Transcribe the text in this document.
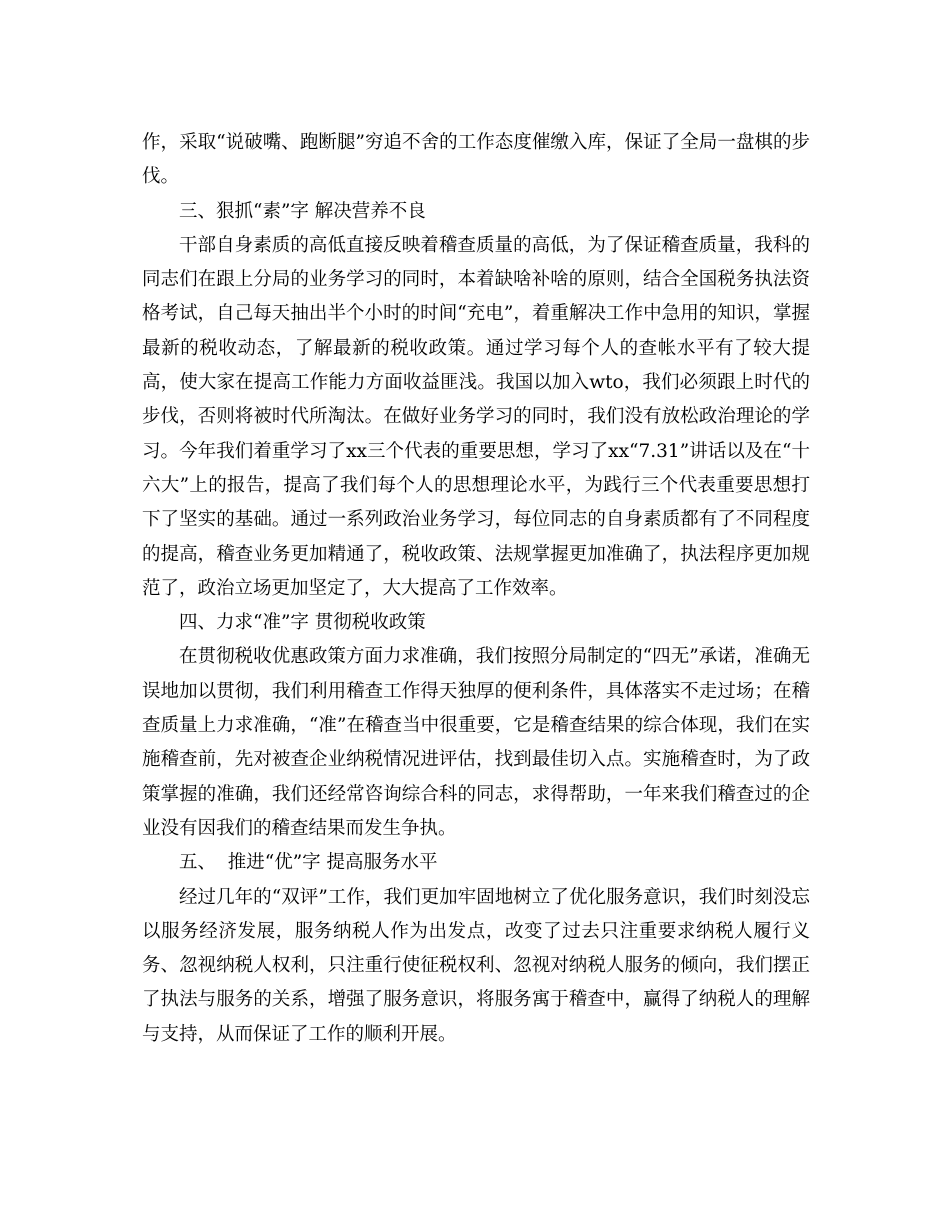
作，采取“说破嘴、跑断腿”穷追不舍的工作态度催缴入库，保证了全局一盘棋的步伐。

三、狠抓“素”字 解决营养不良

干部自身素质的高低直接反映着稽查质量的高低，为了保证稽查质量，我科的同志们在跟上分局的业务学习的同时，本着缺啥补啥的原则，结合全国税务执法资格考试，自己每天抽出半个小时的时间“充电”，着重解决工作中急用的知识，掌握最新的税收动态，了解最新的税收政策。通过学习每个人的查帐水平有了较大提高，使大家在提高工作能力方面收益匪浅。我国以加入wto，我们必须跟上时代的步伐，否则将被时代所淘汰。在做好业务学习的同时，我们没有放松政治理论的学习。今年我们着重学习了xx三个代表的重要思想，学习了xx“7.31”讲话以及在“十六大”上的报告，提高了我们每个人的思想理论水平，为践行三个代表重要思想打下了坚实的基础。通过一系列政治业务学习，每位同志的自身素质都有了不同程度的提高，稽查业务更加精通了，税收政策、法规掌握更加准确了，执法程序更加规范了，政治立场更加坚定了，大大提高了工作效率。

四、力求“准”字 贯彻税收政策

在贯彻税收优惠政策方面力求准确，我们按照分局制定的“四无”承诺，准确无误地加以贯彻，我们利用稽查工作得天独厚的便利条件，具体落实不走过场；在稽查质量上力求准确，“准”在稽查当中很重要，它是稽查结果的综合体现，我们在实施稽查前，先对被查企业纳税情况进评估，找到最佳切入点。实施稽查时，为了政策掌握的准确，我们还经常咨询综合科的同志，求得帮助，一年来我们稽查过的企业没有因我们的稽查结果而发生争执。

五、  推进“优”字 提高服务水平

经过几年的“双评”工作，我们更加牢固地树立了优化服务意识，我们时刻没忘以服务经济发展，服务纳税人作为出发点，改变了过去只注重要求纳税人履行义务、忽视纳税人权利，只注重行使征税权利、忽视对纳税人服务的倾向，我们摆正了执法与服务的关系，增强了服务意识，将服务寓于稽查中，赢得了纳税人的理解与支持，从而保证了工作的顺利开展。
